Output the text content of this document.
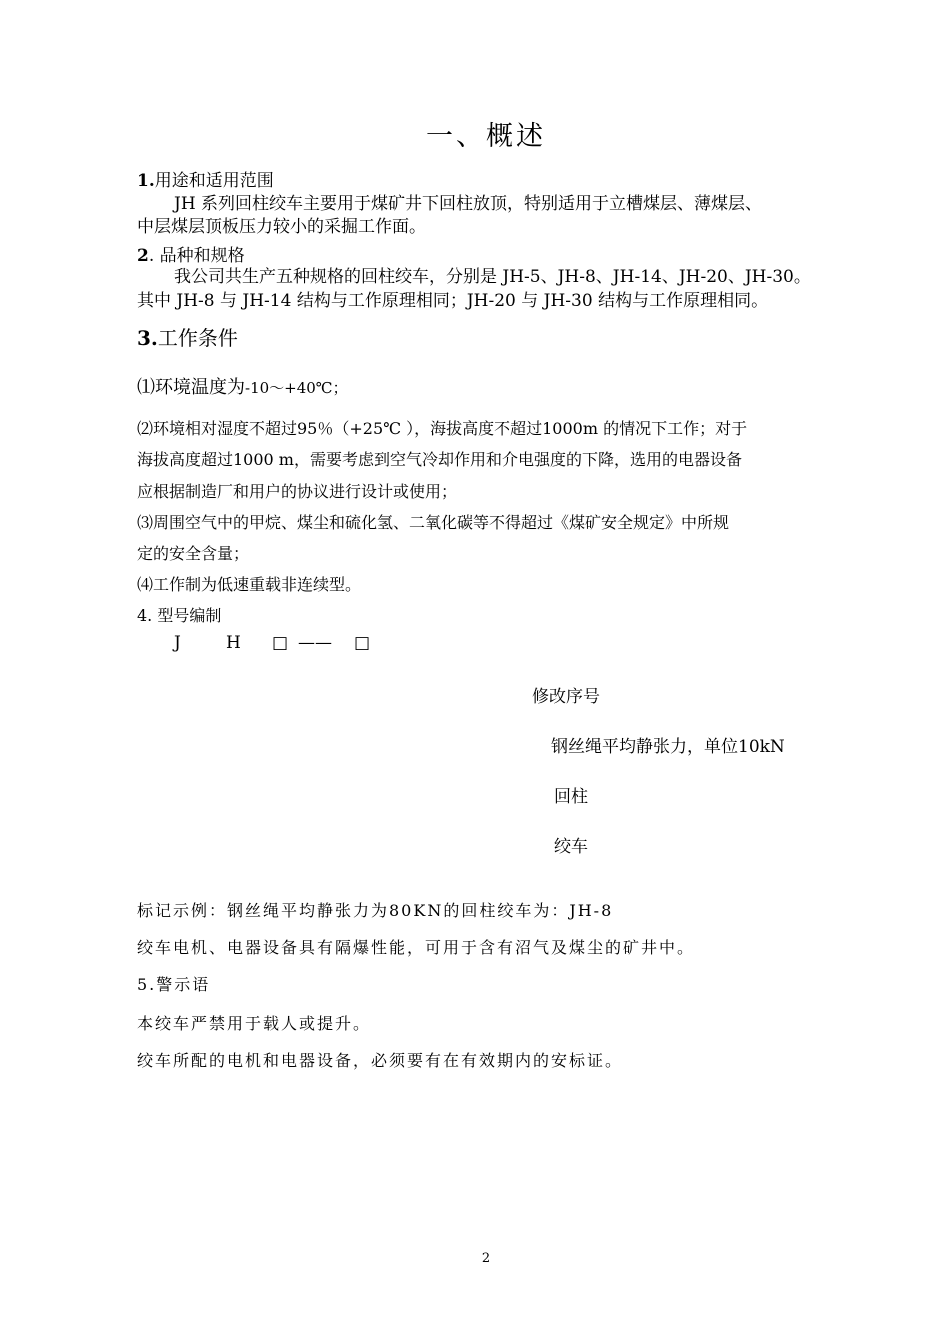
一、概述
1.用途和适用范围
JH 系列回柱绞车主要用于煤矿井下回柱放顶，特别适用于立槽煤层、薄煤层、
中层煤层顶板压力较小的采掘工作面。
2. 品种和规格
我公司共生产五种规格的回柱绞车，分别是 JH-5、JH-8、JH-14、JH-20、JH-30。
其中 JH-8 与 JH-14 结构与工作原理相同；JH-20 与 JH-30 结构与工作原理相同。
3.工作条件
⑴环境温度为-10～+40℃；
⑵环境相对湿度不超过95％（+25℃ ），海拔高度不超过1000m 的情况下工作；对于
海拔高度超过1000 m，需要考虑到空气冷却作用和介电强度的下降，选用的电器设备
应根据制造厂和用户的协议进行设计或使用；
⑶周围空气中的甲烷、煤尘和硫化氢、二氧化碳等不得超过《煤矿安全规定》中所规
定的安全含量；
⑷工作制为低速重载非连续型。
4. 型号编制
J	H □ —— □
修改序号
钢丝绳平均静张力，单位10kN
回柱
绞车
标记示例：钢丝绳平均静张力为80KN的回柱绞车为：JH-8
绞车电机、电器设备具有隔爆性能，可用于含有沼气及煤尘的矿井中。
5.警示语
本绞车严禁用于载人或提升。
绞车所配的电机和电器设备，必须要有在有效期内的安标证。
2
